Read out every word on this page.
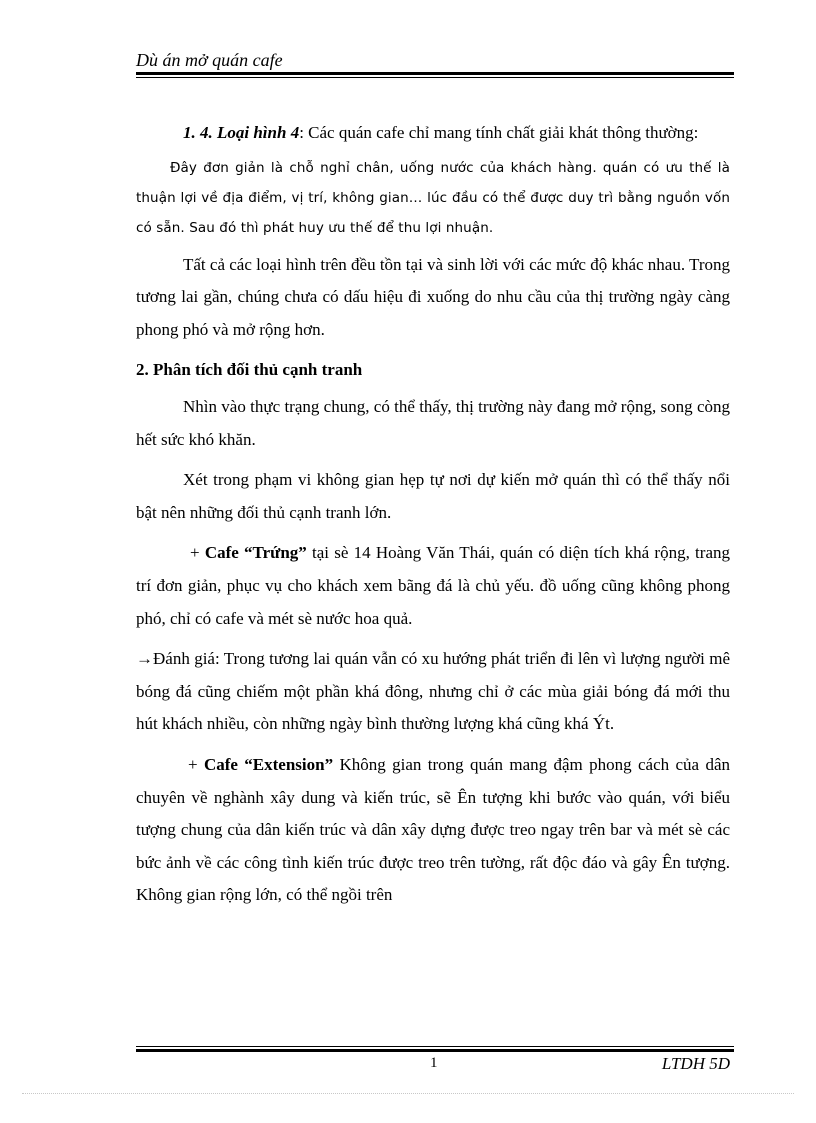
Dù án mở quán cafe

1. 4. Loại hình 4: Các quán cafe chỉ mang tính chất giải khát thông thường:

Đây đơn giản là chỗ nghỉ chân, uống nước của khách hàng. quán có ưu thế là thuận lợi về địa điểm, vị trí, không gian… lúc đầu có thể được duy trì bằng nguồn vốn có sẵn. Sau đó thì phát huy ưu thế để thu lợi nhuận.

Tất cả các loại hình trên đều tồn tại và sinh lời với các mức độ khác nhau. Trong tương lai gần, chúng chưa có dấu hiệu đi xuống do nhu cầu của thị trường ngày càng phong phó và mở rộng hơn.

2. Phân tích đối thủ cạnh tranh

Nhìn vào thực trạng chung, có thể thấy, thị trường này đang mở rộng, song còng hết sức khó khăn.

Xét trong phạm vi không gian hẹp tự nơi dự kiến mở quán thì có thể thấy nổi bật nên những đối thủ cạnh tranh lớn.

+ Cafe “Trứng” tại sè 14 Hoàng Văn Thái, quán có diện tích khá rộng, trang trí đơn giản, phục vụ cho khách xem bãng đá là chủ yếu. đồ uống cũng không phong phó, chỉ có cafe và mét sè nước hoa quả.

→Đánh giá: Trong tương lai quán vẫn có xu hướng phát triển đi lên vì lượng người mê bóng đá cũng chiếm một phần khá đông, nhưng chỉ ở các mùa giải bóng đá mới thu hút khách nhiều, còn những ngày bình thường lượng khá cũng khá Ýt.

+ Cafe “Extension” Không gian trong quán mang đậm phong cách của dân chuyên về nghành xây dung và kiến trúc, sẽ Ên tượng khi bước vào quán, với biểu tượng chung của dân kiến trúc và dân xây dựng được treo ngay trên bar và mét sè các bức ảnh về các công tình kiến trúc được treo trên tường, rất độc đáo và gây Ên tượng. Không gian rộng lớn, có thể ngồi trên

1	LTDH 5D
